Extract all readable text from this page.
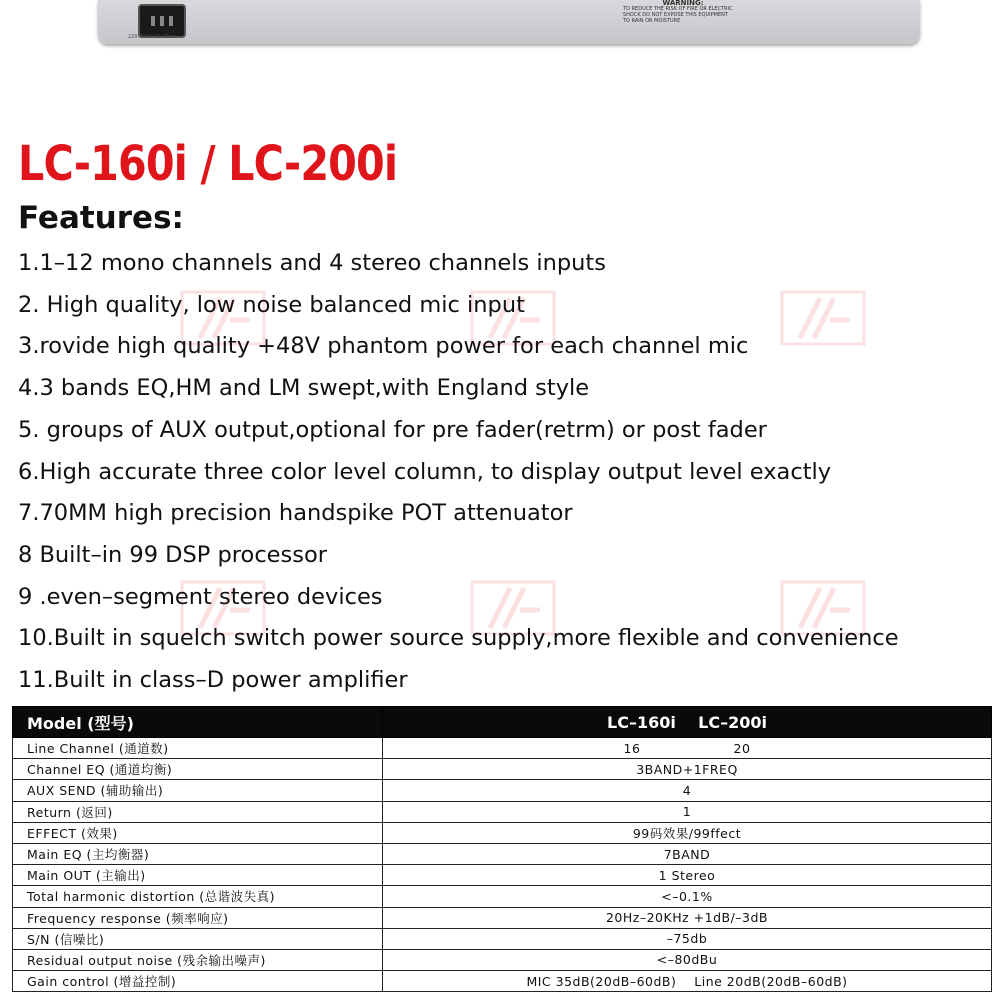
220-240V 50-60Hz
WARNING:
TO REDUCE THE RISK OF FIRE OR ELECTRIC
SHOCK DO NOT EXPOSE THIS EQUIPMENT
TO RAIN OR MOISTURE
LC-160i / LC-200i
Features:
1.1–12 mono channels and 4 stereo channels inputs
2. High quality, low noise balanced mic input
3.rovide high quality +48V phantom power for each channel mic
4.3 bands EQ,HM and LM swept,with England style
5. groups of AUX output,optional for pre fader(retrm) or post fader
6.High accurate three color level column, to display output level exactly
7.70MM high precision handspike POT attenuator
8 Built–in 99 DSP processor
9 .even–segment stereo devices
10.Built in squelch switch power source supply,more flexible and convenience
11.Built in class–D power amplifier
Model (型号)	LC–160i    LC–200i
Line Channel (通道数)	16 20
Channel EQ (通道均衡)	3BAND+1FREQ
AUX SEND (辅助输出)	4
Return (返回)	1
EFFECT (效果)	99码效果/99ffect
Main EQ (主均衡器)	7BAND
Main OUT (主输出)	1 Stereo
Total harmonic distortion (总谐波失真)	<–0.1%
Frequency response (频率响应)	20Hz–20KHz +1dB/–3dB
S/N (信噪比)	–75db
Residual output noise (残余输出噪声)	<–80dBu
Gain control (增益控制)	MIC 35dB(20dB–60dB)    Line 20dB(20dB–60dB)
